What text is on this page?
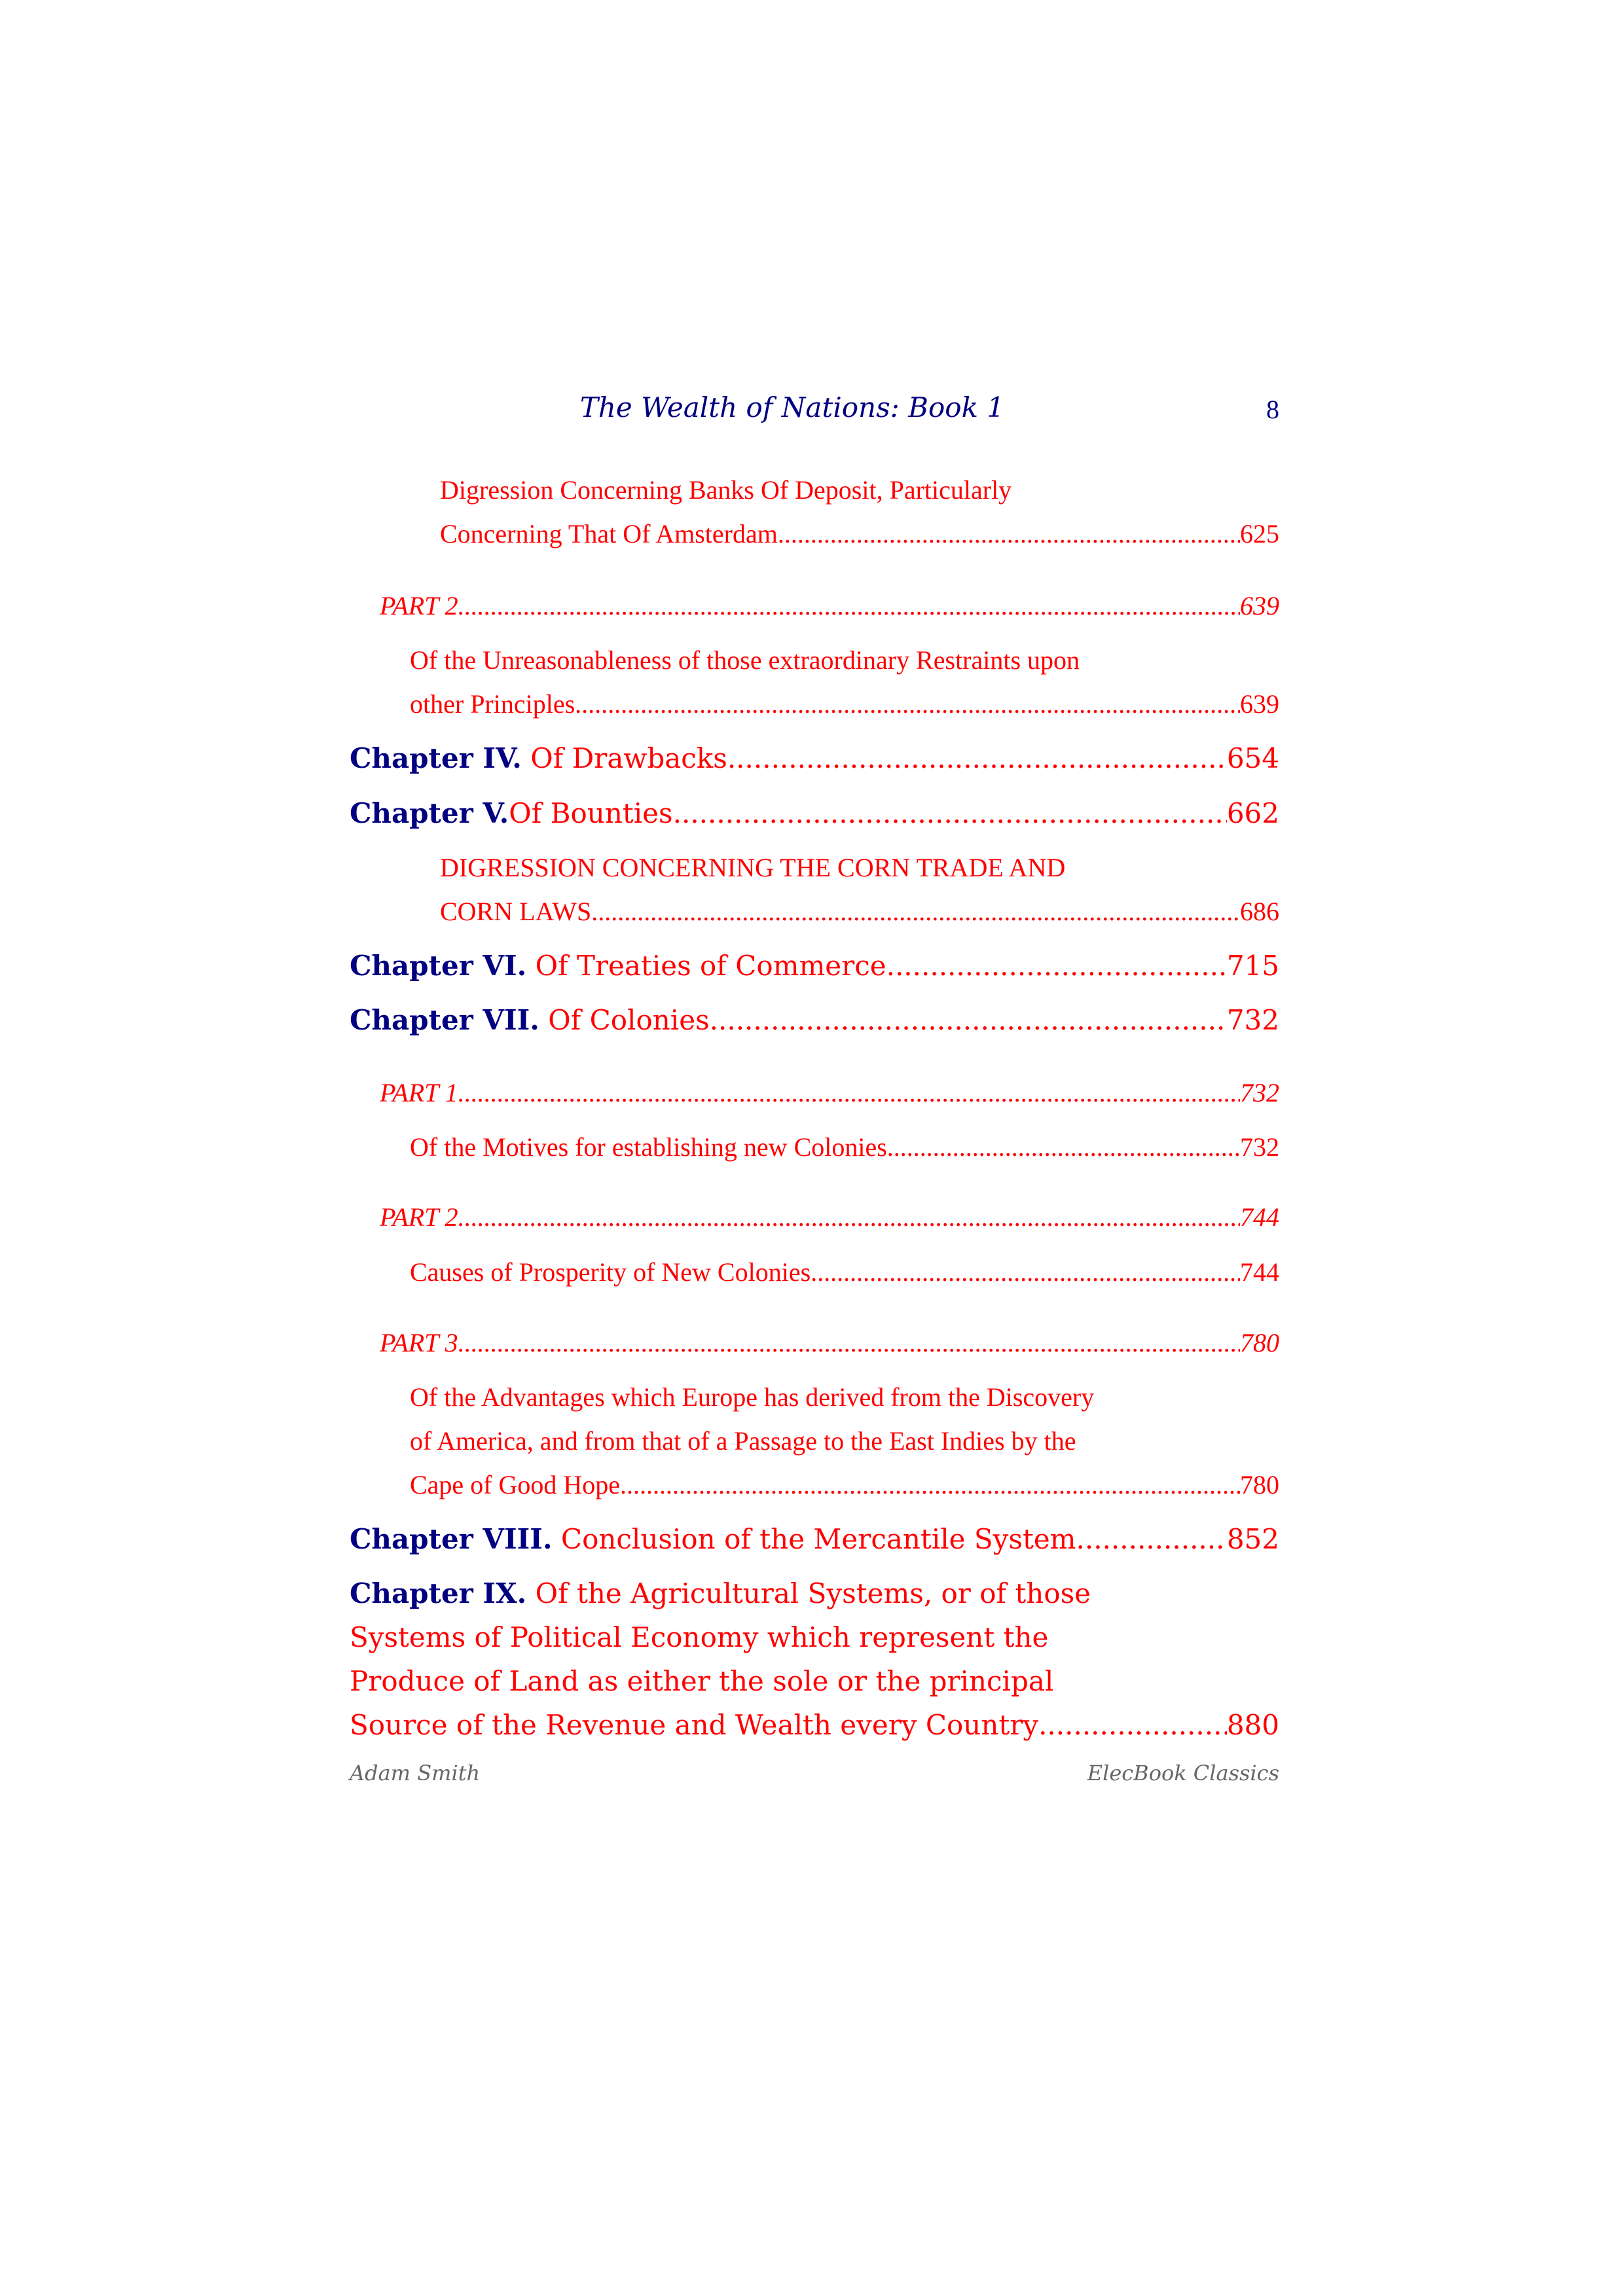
The Wealth of Nations: Book 1	8
Digression Concerning Banks Of Deposit, Particularly
Concerning That Of Amsterdam .....	625
PART 2 .....	639
Of the Unreasonableness of those extraordinary Restraints upon
other Principles .....	639
Chapter IV. Of Drawbacks .....	654
Chapter V.Of Bounties .....	662
DIGRESSION CONCERNING THE CORN TRADE AND
CORN LAWS .....	686
Chapter VI. Of Treaties of Commerce .....	715
Chapter VII. Of Colonies .....	732
PART 1 .....	732
Of the Motives for establishing new Colonies .....	732
PART 2 .....	744
Causes of Prosperity of New Colonies .....	744
PART 3 .....	780
Of the Advantages which Europe has derived from the Discovery
of America, and from that of a Passage to the East Indies by the
Cape of Good Hope .....	780
Chapter VIII. Conclusion of the Mercantile System .....	852
Chapter IX. Of the Agricultural Systems, or of those
Systems of Political Economy which represent the
Produce of Land as either the sole or the principal
Source of the Revenue and Wealth every Country .....	880
Adam Smith	ElecBook Classics
